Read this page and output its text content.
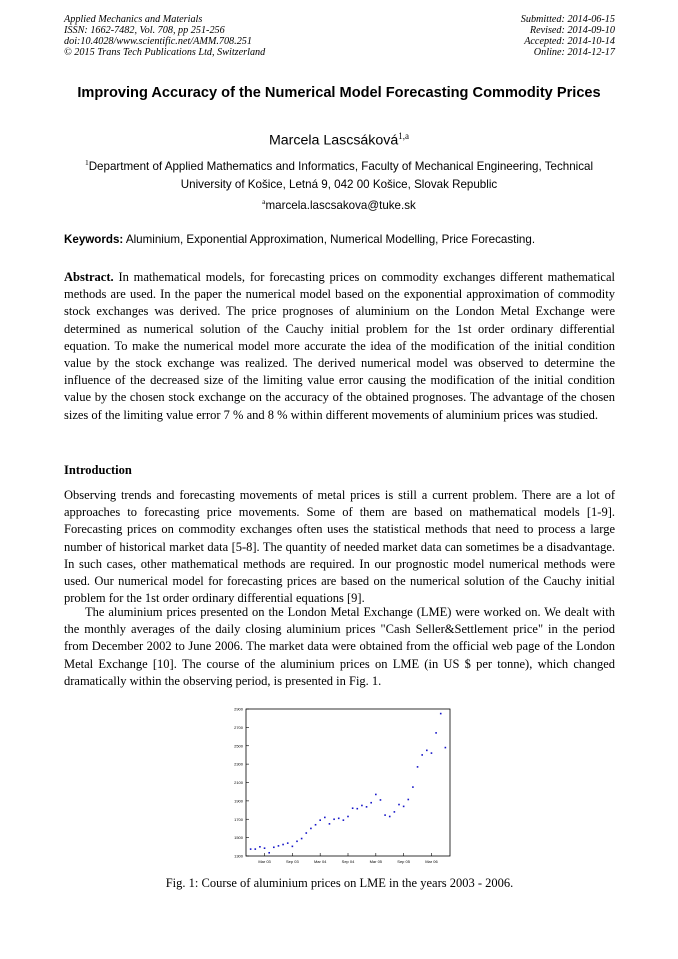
Applied Mechanics and Materials
ISSN: 1662-7482, Vol. 708, pp 251-256
doi:10.4028/www.scientific.net/AMM.708.251
© 2015 Trans Tech Publications Ltd, Switzerland
Submitted: 2014-06-15
Revised: 2014-09-10
Accepted: 2014-10-14
Online: 2014-12-17
Improving Accuracy of the Numerical Model Forecasting Commodity Prices
Marcela Lascsáková$^{1,a}$
$^1$Department of Applied Mathematics and Informatics, Faculty of Mechanical Engineering, Technical University of Košice, Letná 9, 042 00 Košice, Slovak Republic
$^a$marcela.lascsakova@tuke.sk
Keywords: Aluminium, Exponential Approximation, Numerical Modelling, Price Forecasting.
Abstract. In mathematical models, for forecasting prices on commodity exchanges different mathematical methods are used. In the paper the numerical model based on the exponential approximation of commodity stock exchanges was derived. The price prognoses of aluminium on the London Metal Exchange were determined as numerical solution of the Cauchy initial problem for the 1st order ordinary differential equation. To make the numerical model more accurate the idea of the modification of the initial condition value by the stock exchange was realized. The derived numerical model was observed to determine the influence of the decreased size of the limiting value error causing the modification of the initial condition value by the chosen stock exchange on the accuracy of the obtained prognoses. The advantage of the chosen sizes of the limiting value error 7 % and 8 % within different movements of aluminium prices was studied.
Introduction
Observing trends and forecasting movements of metal prices is still a current problem. There are a lot of approaches to forecasting price movements. Some of them are based on mathematical models [1-9]. Forecasting prices on commodity exchanges often uses the statistical methods that need to process a large number of historical market data [5-8]. The quantity of needed market data can sometimes be a disadvantage. In such cases, other mathematical methods are required. In our prognostic model numerical methods were used. Our numerical model for forecasting prices are based on the numerical solution of the Cauchy initial problem for the 1st order ordinary differential equations [9].
The aluminium prices presented on the London Metal Exchange (LME) were worked on. We dealt with the monthly averages of the daily closing aluminium prices "Cash Seller&Settlement price" in the period from December 2002 to June 2006. The market data were obtained from the official web page of the London Metal Exchange [10]. The course of the aluminium prices on LME (in US $ per tonne), which changed dramatically within the observing period, is presented in Fig. 1.
1300
1500
1700
1900
2100
2300
2500
2700
2900
Mar 03	Sep 03	Mar 04	Sep 04	Mar 05	Sep 05	Mar 06
Fig. 1: Course of aluminium prices on LME in the years 2003 - 2006.
